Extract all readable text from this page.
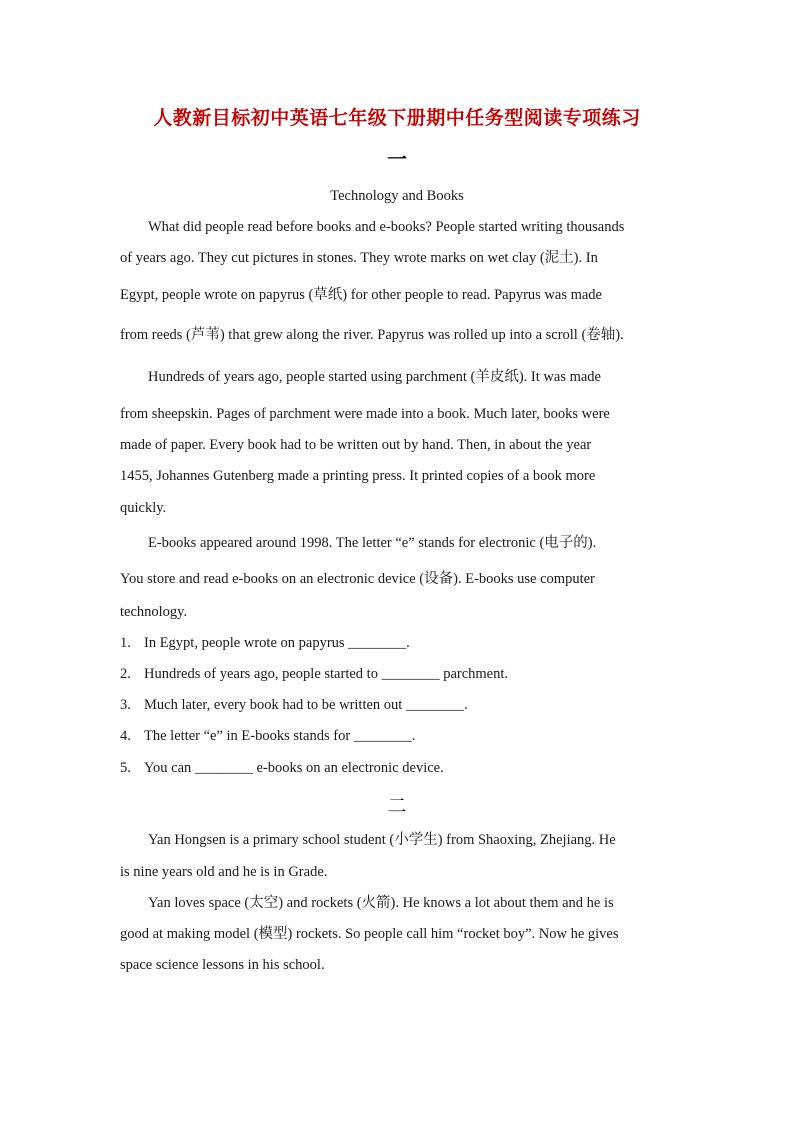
人教新目标初中英语七年级下册期中任务型阅读专项练习
一
Technology and Books
What did people read before books and e-books? People started writing thousands
of years ago. They cut pictures in stones. They wrote marks on wet clay (泥土). In
Egypt, people wrote on papyrus (草纸) for other people to read. Papyrus was made
from reeds (芦苇) that grew along the river. Papyrus was rolled up into a scroll (卷轴).
Hundreds of years ago, people started using parchment (羊皮纸). It was made
from sheepskin. Pages of parchment were made into a book. Much later, books were
made of paper. Every book had to be written out by hand. Then, in about the year
1455, Johannes Gutenberg made a printing press. It printed copies of a book more
quickly.
E-books appeared around 1998. The letter “e” stands for electronic (电子的).
You store and read e-books on an electronic device (设备). E-books use computer
technology.
1. In Egypt, people wrote on papyrus ________.
2. Hundreds of years ago, people started to ________ parchment.
3. Much later, every book had to be written out ________.
4. The letter “e” in E-books stands for ________.
5. You can ________ e-books on an electronic device.
二
Yan Hongsen is a primary school student (小学生) from Shaoxing, Zhejiang. He
is nine years old and he is in Grade.
Yan loves space (太空) and rockets (火箭). He knows a lot about them and he is
good at making model (模型) rockets. So people call him “rocket boy”. Now he gives
space science lessons in his school.
